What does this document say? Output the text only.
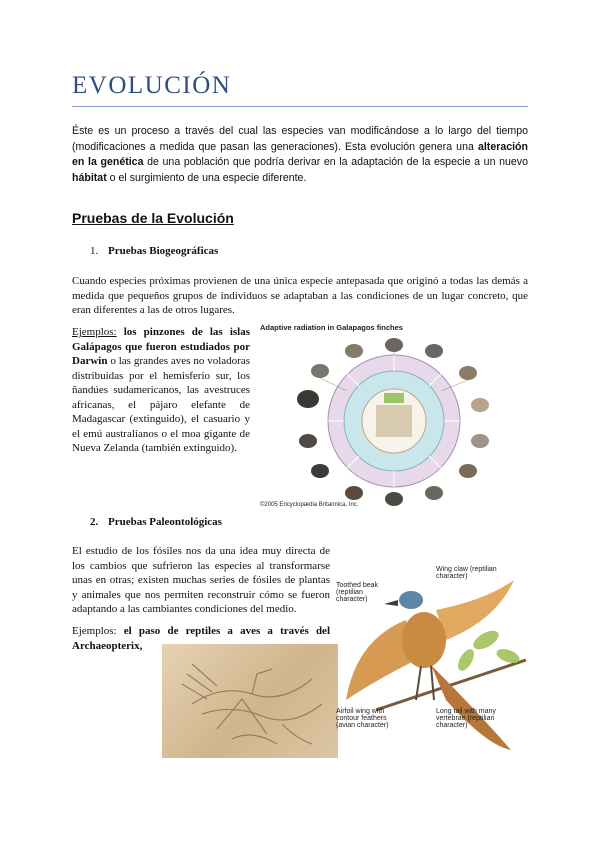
EVOLUCIÓN
Éste es un proceso a través del cual las especies van modificándose a lo largo del tiempo (modificaciones a medida que pasan las generaciones). Esta evolución genera una alteración en la genética de una población que podría derivar en la adaptación de la especie a un nuevo hábitat o el surgimiento de una especie diferente.
Pruebas de la Evolución
1. Pruebas Biogeográficas
Cuando especies próximas provienen de una única especie antepasada que originó a todas las demás a medida que pequeños grupos de individuos se adaptaban a las condiciones de un lugar concreto, que eran diferentes a las de otros lugares.
Ejemplos: los pinzones de las islas Galápagos que fueron estudiados por Darwin o las grandes aves no voladoras distribuidas por el hemisferio sur, los ñandúes sudamericanos, las avestruces africanas, el pájaro elefante de Madagascar (extinguido), el casuario y el emú australianos o el moa gigante de Nueva Zelanda (también extinguido).
Adaptive radiation in Galapagos finches
©2005 Encyclopædia Britannica, Inc.
2. Pruebas Paleontológicas
El estudio de los fósiles nos da una idea muy directa de los cambios que sufrieron las especies al transformarse unas en otras; existen muchas series de fósiles de plantas y animales que nos permiten reconstruir cómo se fueron adaptando a las cambiantes condiciones del medio.
Ejemplos: el paso de reptiles a aves a través del Archaeopterix,
Toothed beak (reptilian character)
Wing claw (reptilian character)
Airfoil wing with contour feathers (avian character)
Long tail with many vertebrae (reptilian character)
